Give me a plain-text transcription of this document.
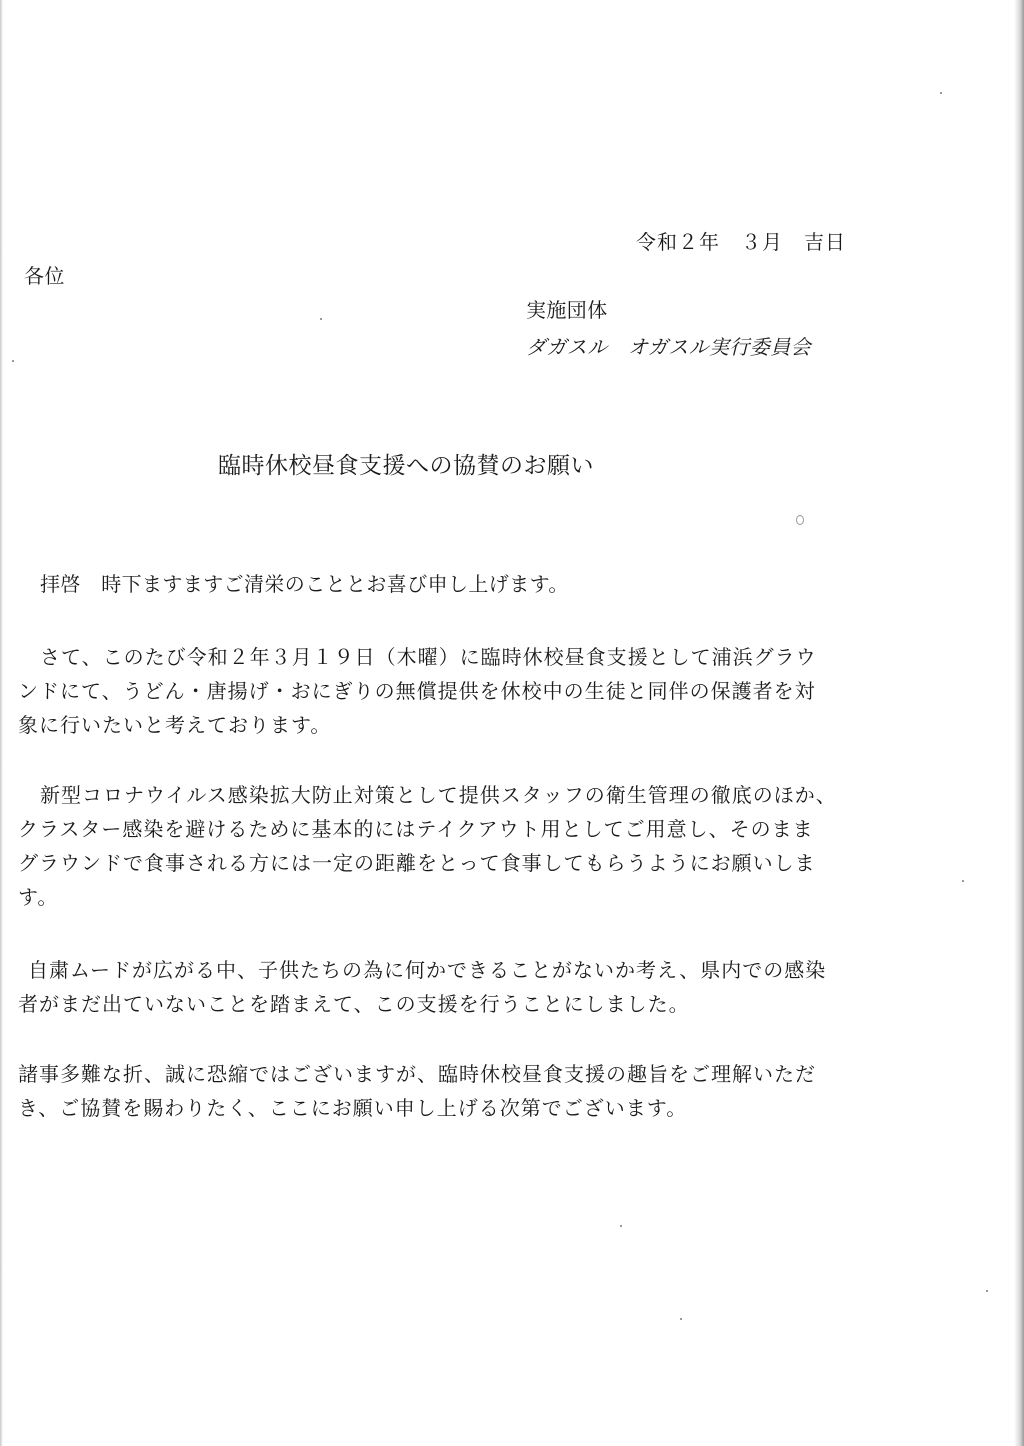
令和２年　３月　吉日
各位
実施団体
ダガスル　オガスル実行委員会
臨時休校昼食支援への協賛のお願い
拝啓　時下ますますご清栄のこととお喜び申し上げます。
さて、このたび令和２年３月１９日（木曜）に臨時休校昼食支援として浦浜グラウ
ンドにて、うどん・唐揚げ・おにぎりの無償提供を休校中の生徒と同伴の保護者を対
象に行いたいと考えております。
新型コロナウイルス感染拡大防止対策として提供スタッフの衛生管理の徹底のほか、
クラスター感染を避けるために基本的にはテイクアウト用としてご用意し、そのまま
グラウンドで食事される方には一定の距離をとって食事してもらうようにお願いしま
す。
自粛ムードが広がる中、子供たちの為に何かできることがないか考え、県内での感染
者がまだ出ていないことを踏まえて、この支援を行うことにしました。
諸事多難な折、誠に恐縮ではございますが、臨時休校昼食支援の趣旨をご理解いただ
き、ご協賛を賜わりたく、ここにお願い申し上げる次第でございます。
